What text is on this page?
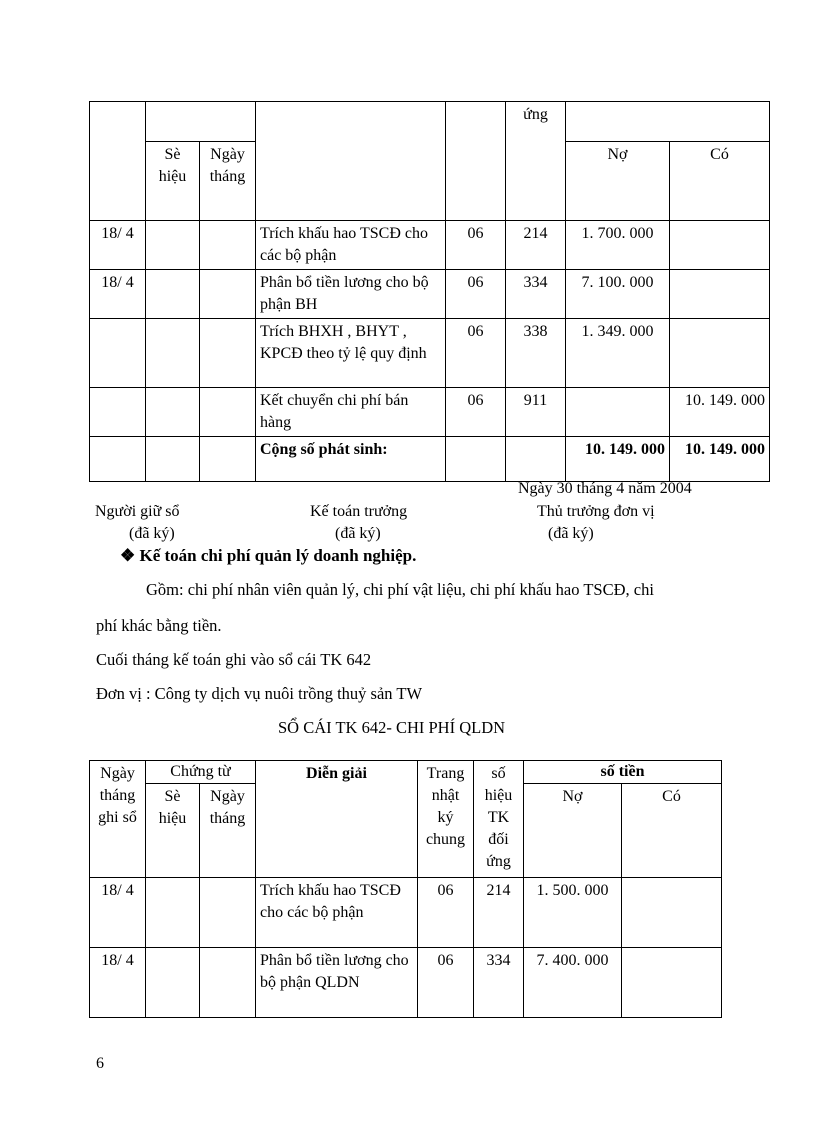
					ứng		
	Sè hiệu	Ngày tháng				Nợ	Có
18/ 4			Trích khấu hao TSCĐ cho các bộ phận	06	214	1. 700. 000	
18/ 4			Phân bổ tiền lương cho bộ phận BH	06	334	7. 100. 000	
			Trích BHXH , BHYT , KPCĐ theo tỷ lệ quy định	06	338	1. 349. 000	
			Kết chuyển chi phí bán hàng	06	911		10. 149. 000
			Cộng số phát sinh:			10. 149. 000	10. 149. 000
Ngày 30 tháng 4 năm 2004
Người giữ sổ	Kế toán trưởng	Thủ trưởng đơn vị
(đã ký)	(đã ký)	(đã ký)
❖ Kế toán chi phí quản lý doanh nghiệp.
Gồm: chi phí nhân viên quản lý, chi phí vật liệu, chi phí khấu hao TSCĐ, chi
phí khác bằng tiền.
Cuối tháng kế toán ghi vào sổ cái TK 642
Đơn vị : Công ty dịch vụ nuôi trồng thuỷ sản TW
SỔ CÁI TK 642- CHI PHÍ QLDN
Ngày tháng ghi sổ	Chứng từ		Diễn giải	Trang nhật ký chung	số hiệu TK đối ứng	số tiền	
	Sè hiệu	Ngày tháng				Nợ	Có
18/ 4			Trích khấu hao TSCĐ cho các bộ phận	06	214	1. 500. 000	
18/ 4			Phân bổ tiền lương cho bộ phận QLDN	06	334	7. 400. 000	
6
